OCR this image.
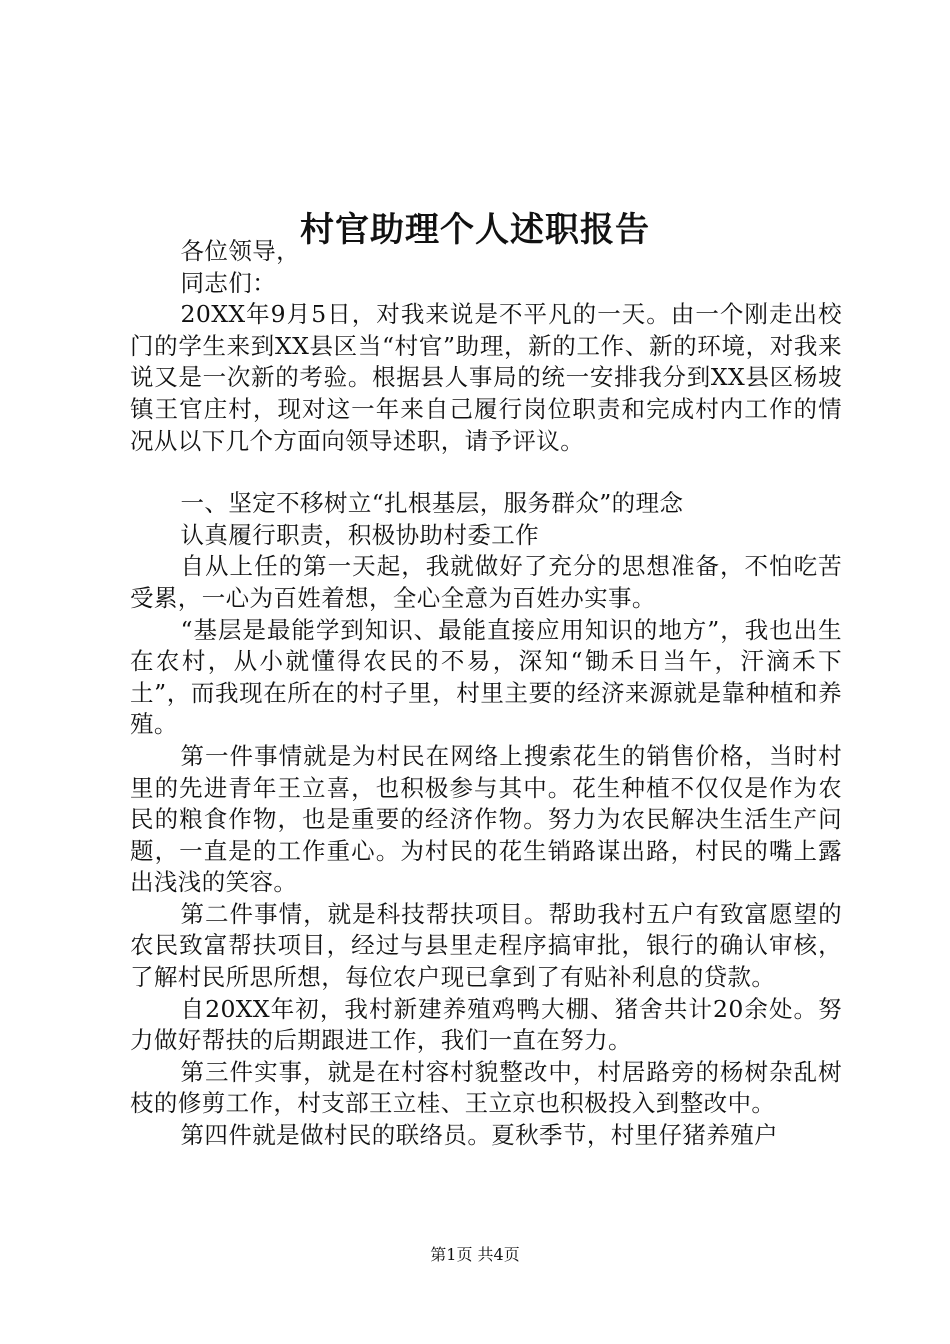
村官助理个人述职报告

各位领导，

同志们：

20XX年9月5日，对我来说是不平凡的一天。由一个刚走出校门的学生来到XX县区当“村官”助理，新的工作、新的环境，对我来说又是一次新的考验。根据县人事局的统一安排我分到XX县区杨坡镇王官庄村，现对这一年来自己履行岗位职责和完成村内工作的情况从以下几个方面向领导述职，请予评议。

一、坚定不移树立“扎根基层，服务群众”的理念

认真履行职责，积极协助村委工作

自从上任的第一天起，我就做好了充分的思想准备，不怕吃苦受累，一心为百姓着想，全心全意为百姓办实事。

“基层是最能学到知识、最能直接应用知识的地方”，我也出生在农村，从小就懂得农民的不易，深知“锄禾日当午，汗滴禾下土”，而我现在所在的村子里，村里主要的经济来源就是靠种植和养殖。

第一件事情就是为村民在网络上搜索花生的销售价格，当时村里的先进青年王立喜，也积极参与其中。花生种植不仅仅是作为农民的粮食作物，也是重要的经济作物。努力为农民解决生活生产问题，一直是的工作重心。为村民的花生销路谋出路，村民的嘴上露出浅浅的笑容。

第二件事情，就是科技帮扶项目。帮助我村五户有致富愿望的农民致富帮扶项目，经过与县里走程序搞审批，银行的确认审核，了解村民所思所想，每位农户现已拿到了有贴补利息的贷款。

自20XX年初，我村新建养殖鸡鸭大棚、猪舍共计20余处。努力做好帮扶的后期跟进工作，我们一直在努力。

第三件实事，就是在村容村貌整改中，村居路旁的杨树杂乱树枝的修剪工作，村支部王立桂、王立京也积极投入到整改中。

第四件就是做村民的联络员。夏秋季节，村里仔猪养殖户

第1页 共4页
